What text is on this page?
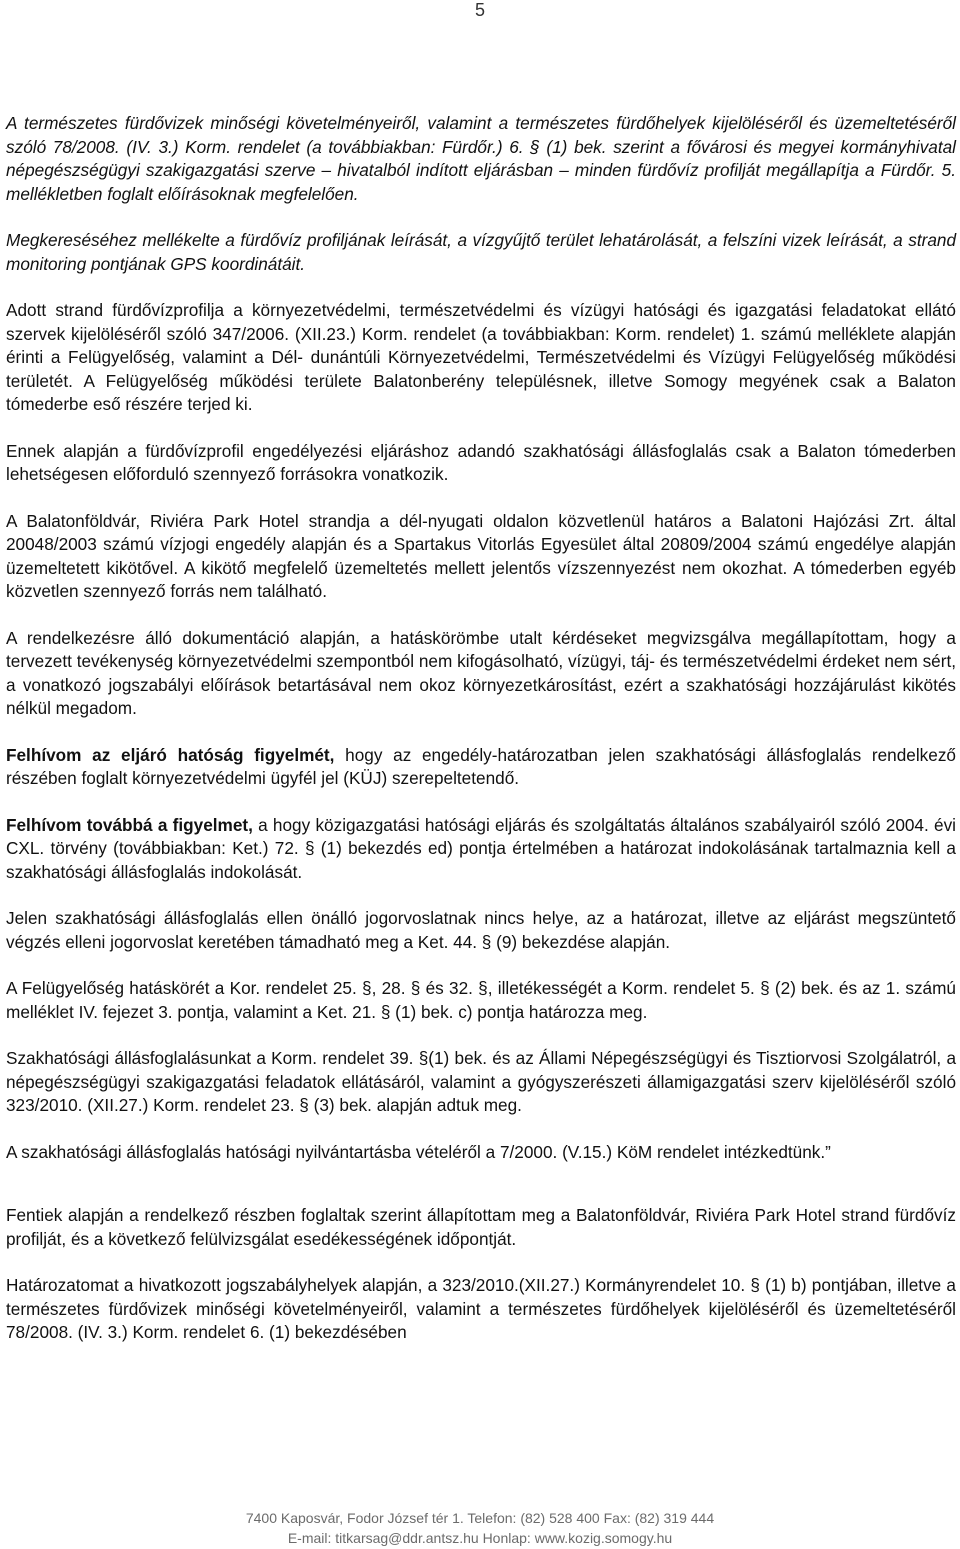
5

A természetes fürdővizek minőségi követelményeiről, valamint a természetes fürdőhelyek kijelöléséről és üzemeltetéséről szóló 78/2008. (IV. 3.) Korm. rendelet (a továbbiakban: Fürdőr.) 6. § (1) bek. szerint a fővárosi és megyei kormányhivatal népegészségügyi szakigazgatási szerve – hivatalból indított eljárásban – minden fürdővíz profilját megállapítja a Fürdőr. 5. mellékletben foglalt előírásoknak megfelelően.

Megkereséséhez mellékelte a fürdővíz profiljának leírását, a vízgyűjtő terület lehatárolását, a felszíni vizek leírását, a strand monitoring pontjának GPS koordinátáit.

Adott strand fürdővízprofilja a környezetvédelmi, természetvédelmi és vízügyi hatósági és igazgatási feladatokat ellátó szervek kijelöléséről szóló 347/2006. (XII.23.) Korm. rendelet (a továbbiakban: Korm. rendelet) 1. számú melléklete alapján érinti a Felügyelőség, valamint a Dél- dunántúli Környezetvédelmi, Természetvédelmi és Vízügyi Felügyelőség működési területét. A Felügyelőség működési területe Balatonberény településnek, illetve Somogy megyének csak a Balaton tómederbe eső részére terjed ki.

Ennek alapján a fürdővízprofil engedélyezési eljáráshoz adandó szakhatósági állásfoglalás csak a Balaton tómederben lehetségesen előforduló szennyező forrásokra vonatkozik.

A Balatonföldvár, Riviéra Park Hotel strandja a dél-nyugati oldalon közvetlenül határos a Balatoni Hajózási Zrt. által 20048/2003 számú vízjogi engedély alapján és a Spartakus Vitorlás Egyesület által 20809/2004 számú engedélye alapján üzemeltetett kikötővel. A kikötő megfelelő üzemeltetés mellett jelentős vízszennyezést nem okozhat. A tómederben egyéb közvetlen szennyező forrás nem található.

A rendelkezésre álló dokumentáció alapján, a hatáskörömbe utalt kérdéseket megvizsgálva megállapítottam, hogy a tervezett tevékenység környezetvédelmi szempontból nem kifogásolható, vízügyi, táj- és természetvédelmi érdeket nem sért, a vonatkozó jogszabályi előírások betartásával nem okoz környezetkárosítást, ezért a szakhatósági hozzájárulást kikötés nélkül megadom.

Felhívom az eljáró hatóság figyelmét, hogy az engedély-határozatban jelen szakhatósági állásfoglalás rendelkező részében foglalt környezetvédelmi ügyfél jel (KÜJ) szerepeltetendő.

Felhívom továbbá a figyelmet, a hogy közigazgatási hatósági eljárás és szolgáltatás általános szabályairól szóló 2004. évi CXL. törvény (továbbiakban: Ket.) 72. § (1) bekezdés ed) pontja értelmében a határozat indokolásának tartalmaznia kell a szakhatósági állásfoglalás indokolását.

Jelen szakhatósági állásfoglalás ellen önálló jogorvoslatnak nincs helye, az a határozat, illetve az eljárást megszüntető végzés elleni jogorvoslat keretében támadható meg a Ket. 44. § (9) bekezdése alapján.

A Felügyelőség hatáskörét a Kor. rendelet 25. §, 28. § és 32. §, illetékességét a Korm. rendelet 5. § (2) bek. és az 1. számú melléklet IV. fejezet 3. pontja, valamint a Ket. 21. § (1) bek. c) pontja határozza meg.

Szakhatósági állásfoglalásunkat a Korm. rendelet 39. §(1) bek. és az Állami Népegészségügyi és Tisztiorvosi Szolgálatról, a népegészségügyi szakigazgatási feladatok ellátásáról, valamint a gyógyszerészeti államigazgatási szerv kijelöléséről szóló 323/2010. (XII.27.) Korm. rendelet 23. § (3) bek. alapján adtuk meg.

A szakhatósági állásfoglalás hatósági nyilvántartásba vételéről a 7/2000. (V.15.) KöM rendelet intézkedtünk.”

Fentiek alapján a rendelkező részben foglaltak szerint állapítottam meg a Balatonföldvár, Riviéra Park Hotel strand fürdővíz profilját, és a következő felülvizsgálat esedékességének időpontját.

Határozatomat a hivatkozott jogszabályhelyek alapján, a 323/2010.(XII.27.) Kormányrendelet 10. § (1) b) pontjában, illetve a természetes fürdővizek minőségi követelményeiről, valamint a természetes fürdőhelyek kijelöléséről és üzemeltetéséről 78/2008. (IV. 3.) Korm. rendelet 6. (1) bekezdésében

7400 Kaposvár, Fodor József tér 1. Telefon: (82) 528 400 Fax: (82) 319 444
E-mail: titkarsag@ddr.antsz.hu Honlap: www.kozig.somogy.hu
